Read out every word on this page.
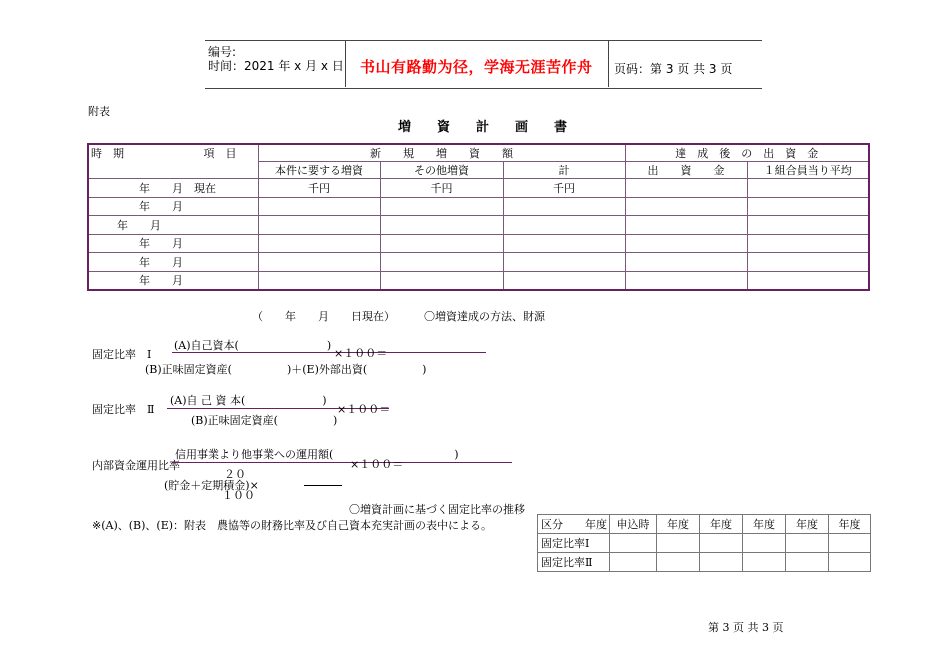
编号:
时间：2021 年 x 月 x 日 书山有路勤为径，学海无涯苦作舟 页码：第 3 页 共 3 页
附表
増　　資　　計　　画　　書
時　期 項　目	新　　規　　増　　資　　額			達　成　後　の　出　資　金	
	本件に要する増資	その他増資	計	出　　資　　金	１組合員当り平均
年　　月　現在	千円	千円	千円		
年　　月					
年　　月					
年　　月					
年　　月					
年　　月					
（　　年　　月　　日現在）	〇増資達成の方法、財源
固定比率　Ⅰ
(A)自己資本(　　　　　　　　)
×１００＝
(B)正味固定資産(　　　　　)＋(E)外部出資(　　　　　)
固定比率　Ⅱ
(A)自 己 資 本(　　　　　　　)
×１００＝
(B)正味固定資産(　　　　　)
内部資金運用比率
信用事業より他事業への運用額(　　　　　　　　　　　)
×１００＝
２０
(貯金＋定期積金)×
１００
〇増資計画に基づく固定比率の推移
※(A)、(B)、(E)：附表　農協等の財務比率及び自己資本充実計画の表中による。	区分　　年度	申込時	年度	年度	年度	年度	年度
固定比率Ⅰ						
固定比率Ⅱ						
第 3 页 共 3 页
